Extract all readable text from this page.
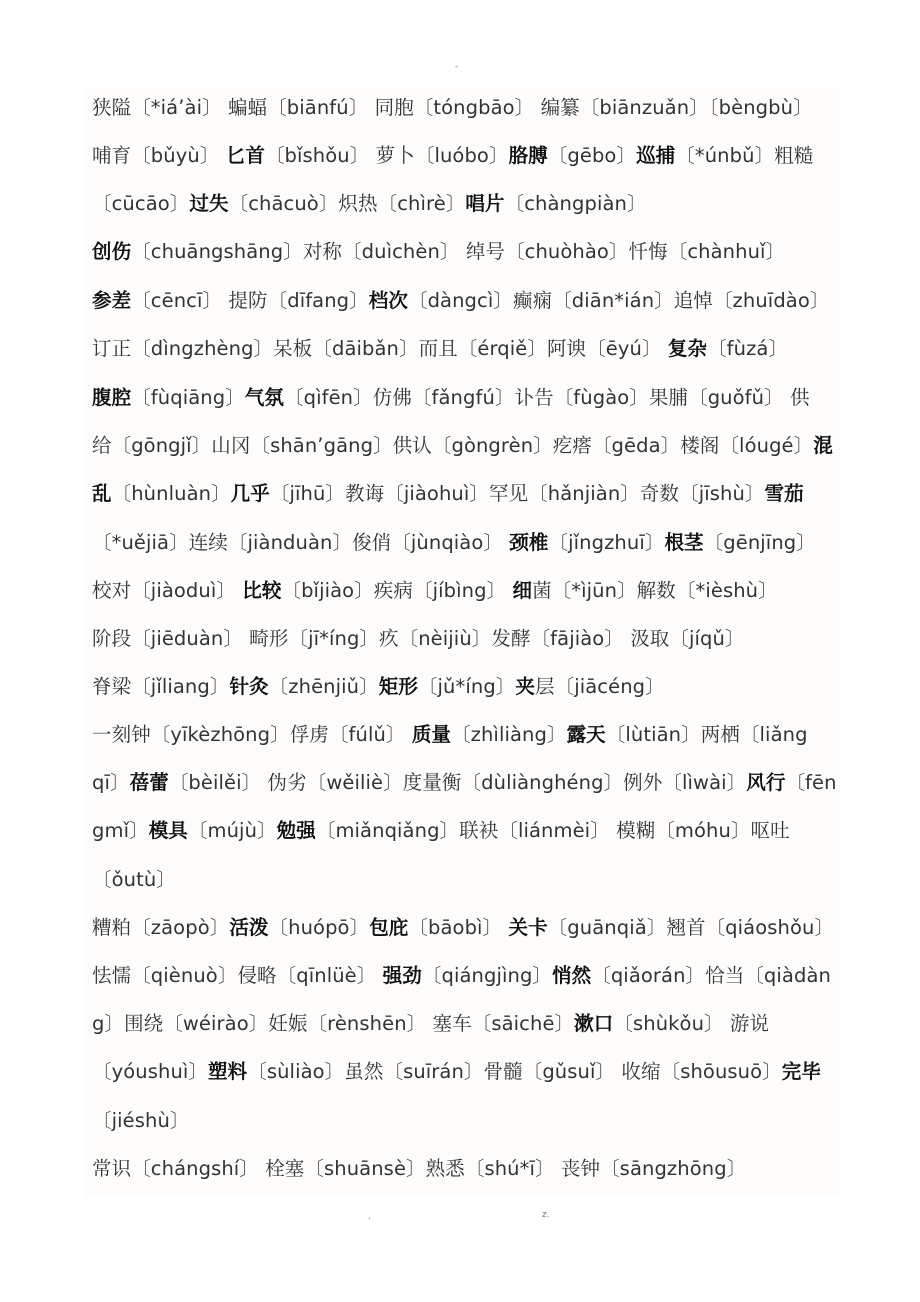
-
狭隘〔*iá’ài〕 蝙蝠〔biānfú〕 同胞〔tóngbāo〕 编纂〔biānzuǎn〕〔bèngbù〕
哺育〔bǔyù〕 匕首〔bǐshǒu〕 萝卜〔luóbo〕胳膊〔gēbo〕巡捕〔*únbǔ〕粗糙
〔cūcāo〕过失〔chācuò〕炽热〔chìrè〕唱片〔chàngpiàn〕
创伤〔chuāngshāng〕对称〔duìchèn〕 绰号〔chuòhào〕忏悔〔chànhuǐ〕
参差〔cēncī〕 提防〔dīfang〕档次〔dàngcì〕癫痫〔diān*ián〕追悼〔zhuīdào〕
订正〔dìngzhèng〕呆板〔dāibǎn〕而且〔érqiě〕阿谀〔ēyú〕 复杂〔fùzá〕
腹腔〔fùqiāng〕气氛〔qìfēn〕仿佛〔fǎngfú〕讣告〔fùgào〕果脯〔guǒfǔ〕 供
给〔gōngjǐ〕山冈〔shān’gāng〕供认〔gòngrèn〕疙瘩〔gēda〕楼阁〔lóugé〕混
乱〔hùnluàn〕几乎〔jīhū〕教诲〔jiàohuì〕罕见〔hǎnjiàn〕奇数〔jīshù〕雪茄
〔*uějiā〕连续〔jiànduàn〕俊俏〔jùnqiào〕 颈椎〔jǐngzhuī〕根茎〔gēnjīng〕
校对〔jiàoduì〕 比较〔bǐjiào〕疾病〔jíbìng〕 细菌〔*ìjūn〕解数〔*ièshù〕
阶段〔jiēduàn〕 畸形〔jī*íng〕疚〔nèijiù〕发酵〔fājiào〕 汲取〔jíqǔ〕
脊梁〔jǐliang〕针灸〔zhēnjiǔ〕矩形〔jǔ*íng〕夹层〔jiācéng〕
一刻钟〔yīkèzhōng〕俘虏〔fúlǔ〕 质量〔zhìliàng〕露天〔lùtiān〕两栖〔liǎng
qī〕蓓蕾〔bèilěi〕 伪劣〔wěiliè〕度量衡〔dùliànghéng〕例外〔lìwài〕风行〔fēn
gmǐ〕模具〔mújù〕勉强〔miǎnqiǎng〕联袂〔liánmèi〕 模糊〔móhu〕呕吐
〔ǒutù〕
糟粕〔zāopò〕活泼〔huópō〕包庇〔bāobì〕 关卡〔guānqiǎ〕翘首〔qiáoshǒu〕
怯懦〔qiènuò〕侵略〔qīnlüè〕 强劲〔qiángjìng〕悄然〔qiǎorán〕恰当〔qiàdàn
g〕围绕〔wéirào〕妊娠〔rènshēn〕 塞车〔sāichē〕漱口〔shùkǒu〕 游说
〔yóushuì〕塑料〔sùliào〕虽然〔suīrán〕骨髓〔gǔsuǐ〕 收缩〔shōusuō〕完毕
〔jiéshù〕
常识〔chángshí〕 栓塞〔shuānsè〕熟悉〔shú*ī〕 丧钟〔sāngzhōng〕
.	z.
